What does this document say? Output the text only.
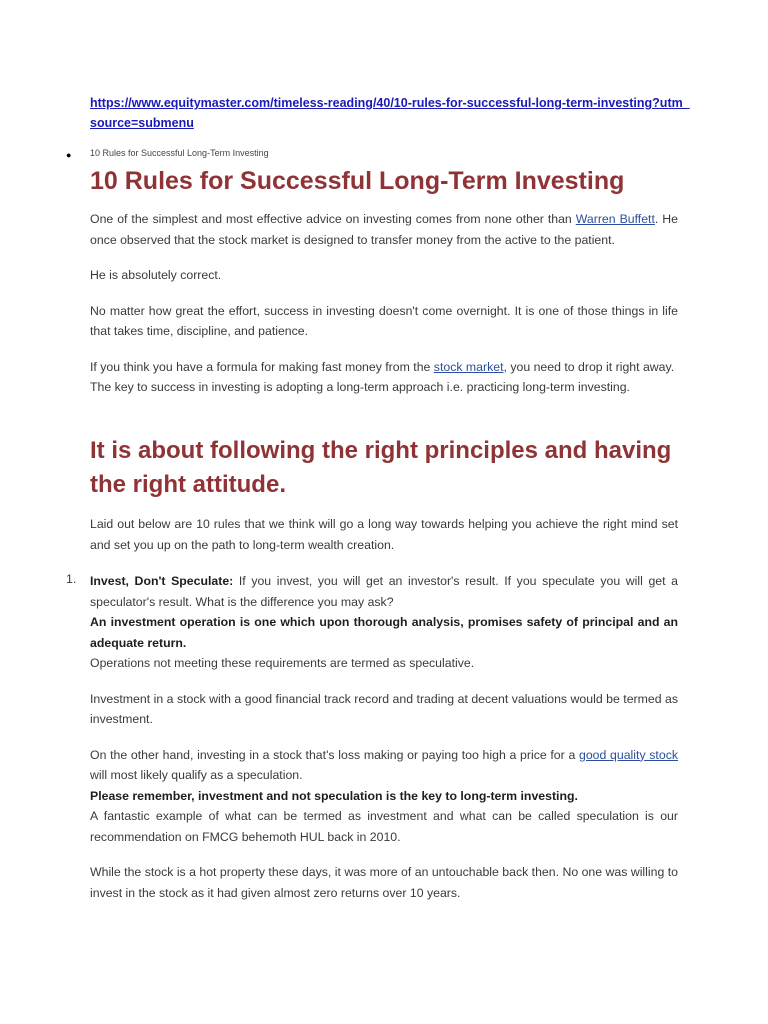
https://www.equitymaster.com/timeless-reading/40/10-rules-for-successful-long-term-investing?utm_source=submenu
● 10 Rules for Successful Long-Term Investing
10 Rules for Successful Long-Term Investing

One of the simplest and most effective advice on investing comes from none other than Warren Buffett. He once observed that the stock market is designed to transfer money from the active to the patient.

He is absolutely correct.

No matter how great the effort, success in investing doesn't come overnight. It is one of those things in life that takes time, discipline, and patience.

If you think you have a formula for making fast money from the stock market, you need to drop it right away.

The key to success in investing is adopting a long-term approach i.e. practicing long-term investing.

It is about following the right principles and having the right attitude.

Laid out below are 10 rules that we think will go a long way towards helping you achieve the right mind set and set you up on the path to long-term wealth creation.

1. Invest, Don't Speculate: If you invest, you will get an investor's result. If you speculate you will get a speculator's result. What is the difference you may ask?

An investment operation is one which upon thorough analysis, promises safety of principal and an adequate return.

Operations not meeting these requirements are termed as speculative.

Investment in a stock with a good financial track record and trading at decent valuations would be termed as investment.

On the other hand, investing in a stock that's loss making or paying too high a price for a good quality stock will most likely qualify as a speculation.

Please remember, investment and not speculation is the key to long-term investing.

A fantastic example of what can be termed as investment and what can be called speculation is our recommendation on FMCG behemoth HUL back in 2010.

While the stock is a hot property these days, it was more of an untouchable back then. No one was willing to invest in the stock as it had given almost zero returns over 10 years.
